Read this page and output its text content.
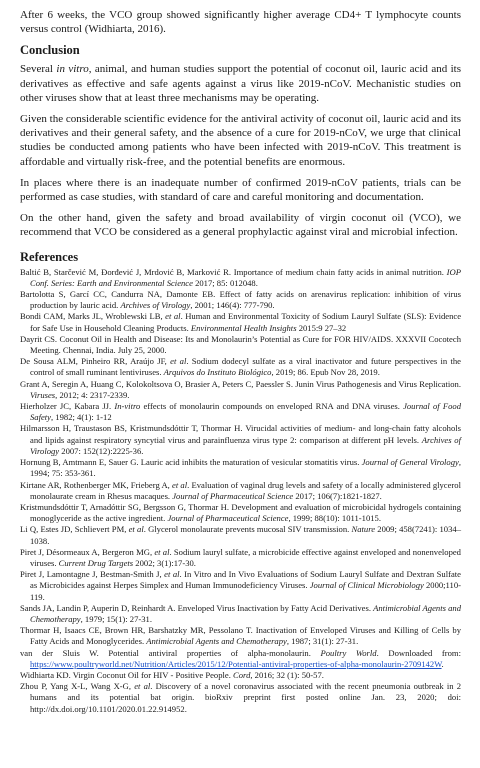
After 6 weeks, the VCO group showed significantly higher average CD4+ T lymphocyte counts versus control (Widhiarta, 2016).

Conclusion

Several in vitro, animal, and human studies support the potential of coconut oil, lauric acid and its derivatives as effective and safe agents against a virus like 2019-nCoV. Mechanistic studies on other viruses show that at least three mechanisms may be operating.

Given the considerable scientific evidence for the antiviral activity of coconut oil, lauric acid and its derivatives and their general safety, and the absence of a cure for 2019-nCoV, we urge that clinical studies be conducted among patients who have been infected with 2019-nCoV. This treatment is affordable and virtually risk-free, and the potential benefits are enormous.

In places where there is an inadequate number of confirmed 2019-nCoV patients, trials can be performed as case studies, with standard of care and careful monitoring and documentation.

On the other hand, given the safety and broad availability of virgin coconut oil (VCO), we recommend that VCO be considered as a general prophylactic against viral and microbial infection.

References

Baltić B, Starčević M, Đorđević J, Mrdović B, Marković R. Importance of medium chain fatty acids in animal nutrition. IOP Conf. Series: Earth and Environmental Science 2017; 85: 012048.

Bartolotta S, Garcí CC, Candurra NA, Damonte EB. Effect of fatty acids on arenavirus replication: inhibition of virus production by lauric acid. Archives of Virology, 2001; 146(4): 777-790.

Bondi CAM, Marks JL, Wroblewski LB, et al. Human and Environmental Toxicity of Sodium Lauryl Sulfate (SLS): Evidence for Safe Use in Household Cleaning Products. Environmental Health Insights 2015:9 27–32

Dayrit CS. Coconut Oil in Health and Disease: Its and Monolaurin’s Potential as Cure for FOR HIV/AIDS. XXXVII Cocotech Meeting. Chennai, India. July 25, 2000.

De Sousa ALM, Pinheiro RR, Araújo JF, et al. Sodium dodecyl sulfate as a viral inactivator and future perspectives in the control of small ruminant lentiviruses. Arquivos do Instituto Biológico, 2019; 86. Epub Nov 28, 2019.

Grant A, Seregin A, Huang C, Kolokoltsova O, Brasier A, Peters C, Paessler S. Junin Virus Pathogenesis and Virus Replication. Viruses, 2012; 4: 2317-2339.

Hierholzer JC, Kabara JJ. In-vitro effects of monolaurin compounds on enveloped RNA and DNA viruses. Journal of Food Safety, 1982; 4(1): 1-12

Hilmarsson H, Traustason BS, Kristmundsdóttir T, Thormar H. Virucidal activities of medium- and long-chain fatty alcohols and lipids against respiratory syncytial virus and parainfluenza virus type 2: comparison at different pH levels. Archives of Virology 2007: 152(12):2225-36.

Hornung B, Amtmann E, Sauer G. Lauric acid inhibits the maturation of vesicular stomatitis virus. Journal of General Virology, 1994; 75: 353-361.

Kirtane AR, Rothenberger MK, Frieberg A, et al. Evaluation of vaginal drug levels and safety of a locally administered glycerol monolaurate cream in Rhesus macaques. Journal of Pharmaceutical Science 2017; 106(7):1821-1827.

Kristmundsdóttir T, Arnadóttir SG, Bergsson G, Thormar H. Development and evaluation of microbicidal hydrogels containing monoglyceride as the active ingredient. Journal of Pharmaceutical Science, 1999; 88(10): 1011-1015.

Li Q, Estes JD, Schlievert PM, et al. Glycerol monolaurate prevents mucosal SIV transmission. Nature 2009; 458(7241): 1034–1038.

Piret J, Désormeaux A, Bergeron MG, et al. Sodium lauryl sulfate, a microbicide effective against enveloped and nonenveloped viruses. Current Drug Targets 2002; 3(1):17-30.

Piret J, Lamontagne J, Bestman-Smith J, et al. In Vitro and In Vivo Evaluations of Sodium Lauryl Sulfate and Dextran Sulfate as Microbicides against Herpes Simplex and Human Immunodeficiency Viruses. Journal of Clinical Microbiology 2000;110-119.

Sands JA, Landin P, Auperin D, Reinhardt A. Enveloped Virus Inactivation by Fatty Acid Derivatives. Antimicrobial Agents and Chemotherapy, 1979; 15(1): 27-31.

Thormar H, Isaacs CE, Brown HR, Barshatzky MR, Pessolano T. Inactivation of Enveloped Viruses and Killing of Cells by Fatty Acids and Monoglycerides. Antimicrobial Agents and Chemotherapy, 1987; 31(1): 27-31.

van der Sluis W. Potential antiviral properties of alpha-monolaurin. Poultry World. Downloaded from: https://www.poultryworld.net/Nutrition/Articles/2015/12/Potential-antiviral-properties-of-alpha-monolaurin-2709142W.

Widhiarta KD. Virgin Coconut Oil for HIV - Positive People. Cord, 2016; 32 (1): 50-57.

Zhou P, Yang X-L, Wang X-G, et al. Discovery of a novel coronavirus associated with the recent pneumonia outbreak in 2 humans and its potential bat origin. bioRxiv preprint first posted online Jan. 23, 2020; doi: http://dx.doi.org/10.1101/2020.01.22.914952.
